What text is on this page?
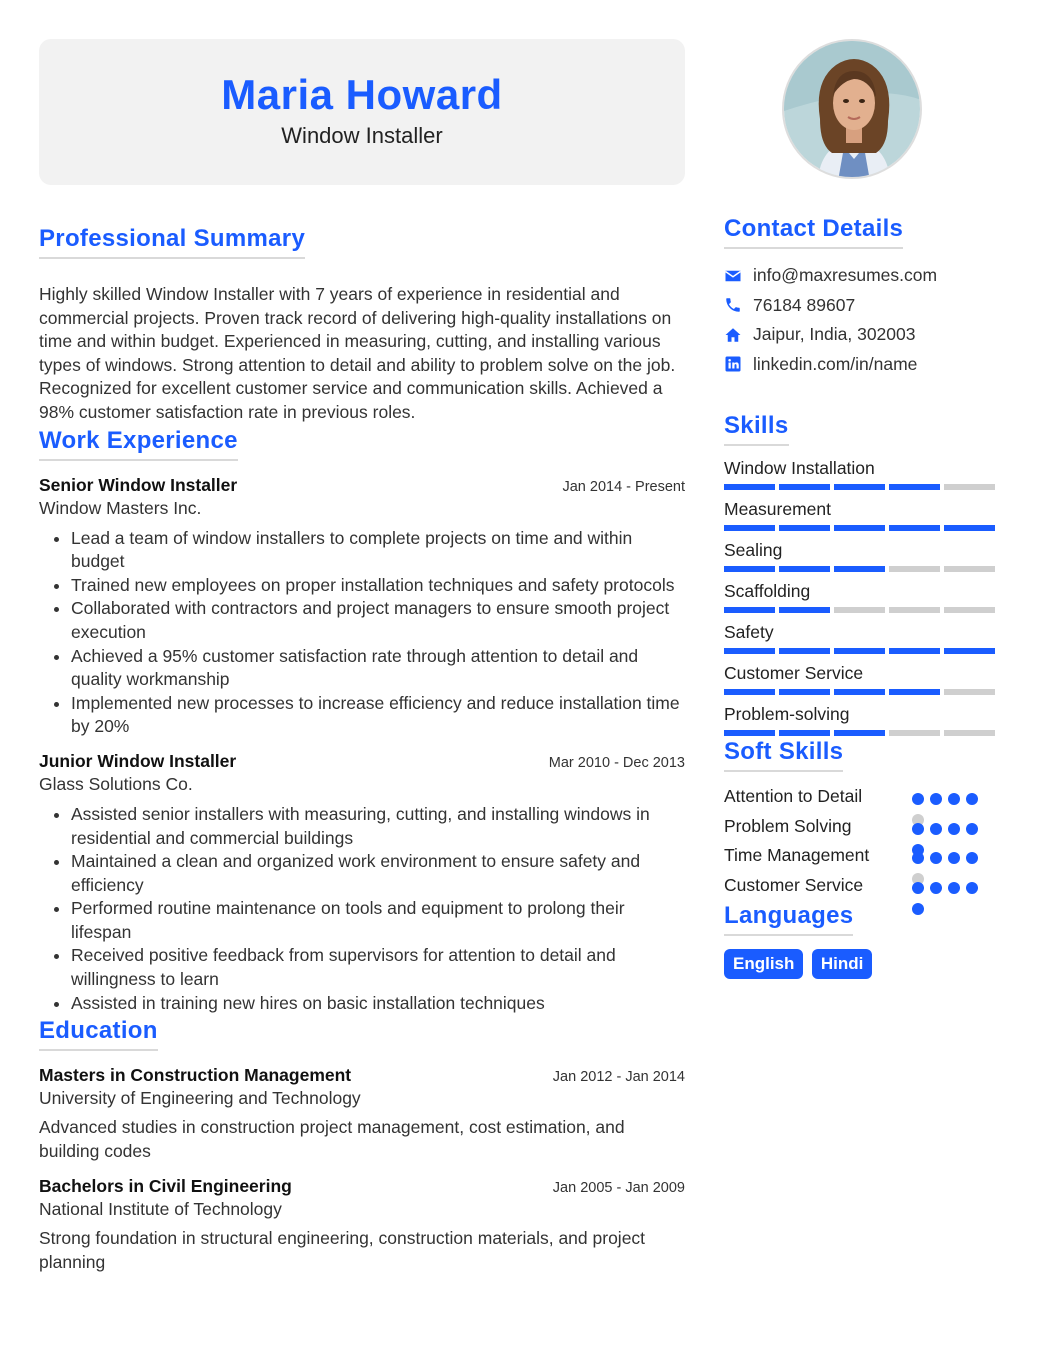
Maria Howard
Window Installer
Professional Summary
Highly skilled Window Installer with 7 years of experience in residential and commercial projects. Proven track record of delivering high-quality installations on time and within budget. Experienced in measuring, cutting, and installing various types of windows. Strong attention to detail and ability to problem solve on the job. Recognized for excellent customer service and communication skills. Achieved a 98% customer satisfaction rate in previous roles.
Work Experience
Senior Window Installer	Jan 2014 - Present
Window Masters Inc.
• Lead a team of window installers to complete projects on time and within budget
• Trained new employees on proper installation techniques and safety protocols
• Collaborated with contractors and project managers to ensure smooth project execution
• Achieved a 95% customer satisfaction rate through attention to detail and quality workmanship
• Implemented new processes to increase efficiency and reduce installation time by 20%
Junior Window Installer	Mar 2010 - Dec 2013
Glass Solutions Co.
• Assisted senior installers with measuring, cutting, and installing windows in residential and commercial buildings
• Maintained a clean and organized work environment to ensure safety and efficiency
• Performed routine maintenance on tools and equipment to prolong their lifespan
• Received positive feedback from supervisors for attention to detail and willingness to learn
• Assisted in training new hires on basic installation techniques
Education
Masters in Construction Management	Jan 2012 - Jan 2014
University of Engineering and Technology
Advanced studies in construction project management, cost estimation, and building codes
Bachelors in Civil Engineering	Jan 2005 - Jan 2009
National Institute of Technology
Strong foundation in structural engineering, construction materials, and project planning
Contact Details
info@maxresumes.com
76184 89607
Jaipur, India, 302003
linkedin.com/in/name
Skills
Window Installation
Measurement
Sealing
Scaffolding
Safety
Customer Service
Problem-solving
Soft Skills
Attention to Detail
Problem Solving
Time Management
Customer Service
Languages
English Hindi
